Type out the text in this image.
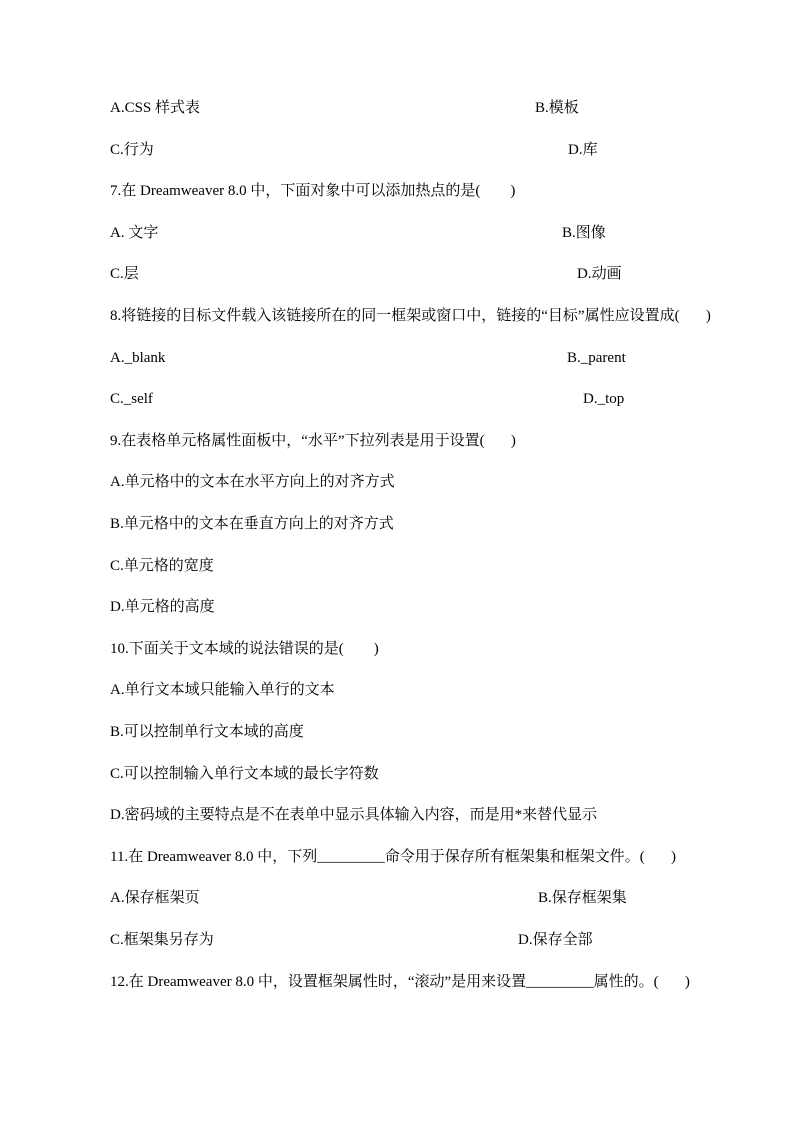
A.CSS 样式表	B.模板
C.行为	D.库
7.在 Dreamweaver 8.0 中，下面对象中可以添加热点的是(        )
A. 文字	B.图像
C.层	D.动画
8.将链接的目标文件载入该链接所在的同一框架或窗口中，链接的“目标”属性应设置成(       )
A._blank	B._parent
C._self	D._top
9.在表格单元格属性面板中，“水平”下拉列表是用于设置(       )
A.单元格中的文本在水平方向上的对齐方式
B.单元格中的文本在垂直方向上的对齐方式
C.单元格的宽度
D.单元格的高度
10.下面关于文本域的说法错误的是(        )
A.单行文本域只能输入单行的文本
B.可以控制单行文本域的高度
C.可以控制输入单行文本域的最长字符数
D.密码域的主要特点是不在表单中显示具体输入内容，而是用*来替代显示
11.在 Dreamweaver 8.0 中，下列_________命令用于保存所有框架集和框架文件。(       )
A.保存框架页	B.保存框架集
C.框架集另存为	D.保存全部
12.在 Dreamweaver 8.0 中，设置框架属性时，“滚动”是用来设置_________属性的。(       )
